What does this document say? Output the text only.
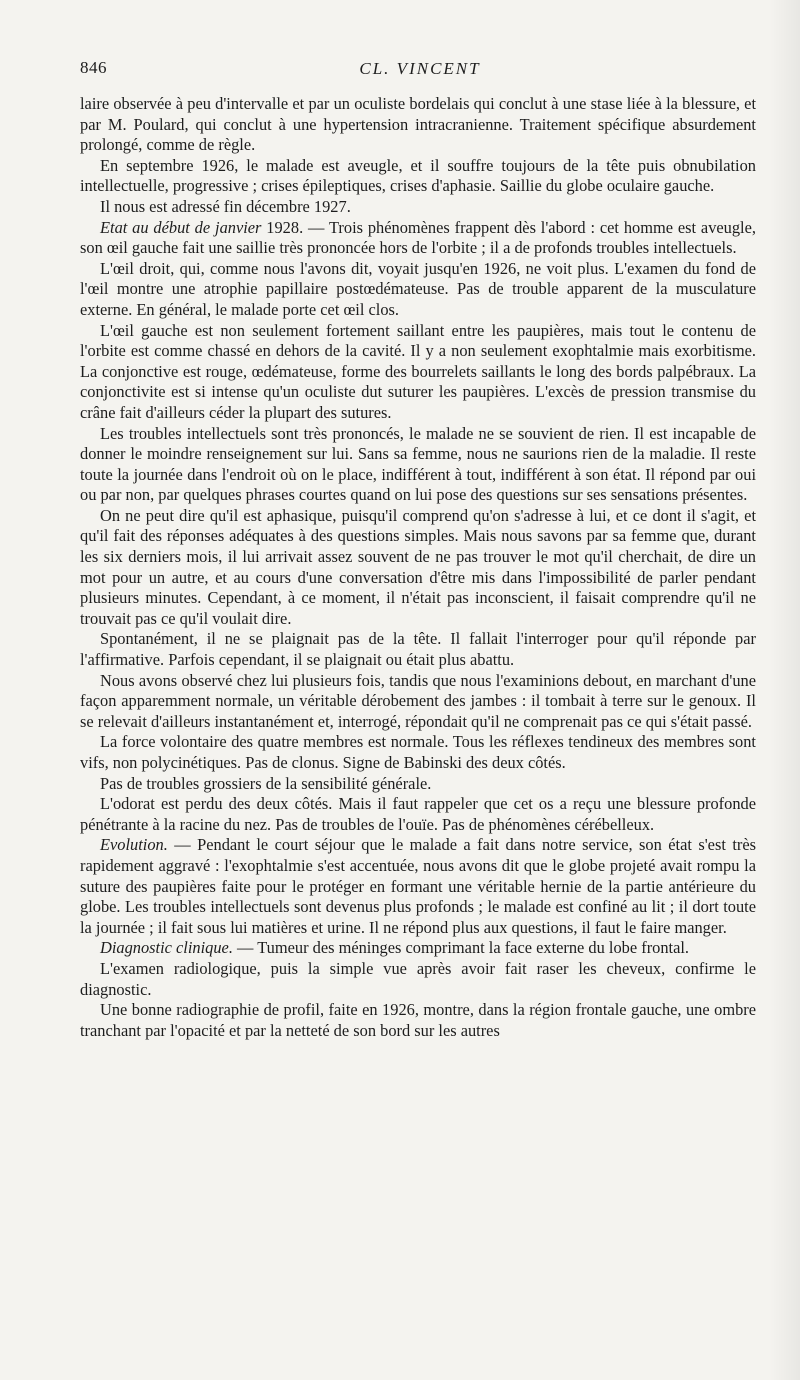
846	CL. VINCENT

laire observée à peu d'intervalle et par un oculiste bordelais qui conclut à une stase liée à la blessure, et par M. Poulard, qui conclut à une hypertension intracranienne. Traitement spécifique absurdement prolongé, comme de règle.

En septembre 1926, le malade est aveugle, et il souffre toujours de la tête puis obnubilation intellectuelle, progressive ; crises épileptiques, crises d'aphasie. Saillie du globe oculaire gauche.

Il nous est adressé fin décembre 1927.

Etat au début de janvier 1928. — Trois phénomènes frappent dès l'abord : cet homme est aveugle, son œil gauche fait une saillie très prononcée hors de l'orbite ; il a de profonds troubles intellectuels.

L'œil droit, qui, comme nous l'avons dit, voyait jusqu'en 1926, ne voit plus. L'examen du fond de l'œil montre une atrophie papillaire postœdémateuse. Pas de trouble apparent de la musculature externe. En général, le malade porte cet œil clos.

L'œil gauche est non seulement fortement saillant entre les paupières, mais tout le contenu de l'orbite est comme chassé en dehors de la cavité. Il y a non seulement exophtalmie mais exorbitisme. La conjonctive est rouge, œdémateuse, forme des bourrelets saillants le long des bords palpébraux. La conjonctivite est si intense qu'un oculiste dut suturer les paupières. L'excès de pression transmise du crâne fait d'ailleurs céder la plupart des sutures.

Les troubles intellectuels sont très prononcés, le malade ne se souvient de rien. Il est incapable de donner le moindre renseignement sur lui. Sans sa femme, nous ne saurions rien de la maladie. Il reste toute la journée dans l'endroit où on le place, indifférent à tout, indifférent à son état. Il répond par oui ou par non, par quelques phrases courtes quand on lui pose des questions sur ses sensations présentes.

On ne peut dire qu'il est aphasique, puisqu'il comprend qu'on s'adresse à lui, et ce dont il s'agit, et qu'il fait des réponses adéquates à des questions simples. Mais nous savons par sa femme que, durant les six derniers mois, il lui arrivait assez souvent de ne pas trouver le mot qu'il cherchait, de dire un mot pour un autre, et au cours d'une conversation d'être mis dans l'impossibilité de parler pendant plusieurs minutes. Cependant, à ce moment, il n'était pas inconscient, il faisait comprendre qu'il ne trouvait pas ce qu'il voulait dire.

Spontanément, il ne se plaignait pas de la tête. Il fallait l'interroger pour qu'il réponde par l'affirmative. Parfois cependant, il se plaignait ou était plus abattu.

Nous avons observé chez lui plusieurs fois, tandis que nous l'examinions debout, en marchant d'une façon apparemment normale, un véritable dérobement des jambes : il tombait à terre sur le genoux. Il se relevait d'ailleurs instantanément et, interrogé, répondait qu'il ne comprenait pas ce qui s'était passé.

La force volontaire des quatre membres est normale. Tous les réflexes tendineux des membres sont vifs, non polycinétiques. Pas de clonus. Signe de Babinski des deux côtés.

Pas de troubles grossiers de la sensibilité générale.

L'odorat est perdu des deux côtés. Mais il faut rappeler que cet os a reçu une blessure profonde pénétrante à la racine du nez. Pas de troubles de l'ouïe. Pas de phénomènes cérébelleux.

Evolution. — Pendant le court séjour que le malade a fait dans notre service, son état s'est très rapidement aggravé : l'exophtalmie s'est accentuée, nous avons dit que le globe projeté avait rompu la suture des paupières faite pour le protéger en formant une véritable hernie de la partie antérieure du globe. Les troubles intellectuels sont devenus plus profonds ; le malade est confiné au lit ; il dort toute la journée ; il fait sous lui matières et urine. Il ne répond plus aux questions, il faut le faire manger.

Diagnostic clinique. — Tumeur des méninges comprimant la face externe du lobe frontal.

L'examen radiologique, puis la simple vue après avoir fait raser les cheveux, confirme le diagnostic.

Une bonne radiographie de profil, faite en 1926, montre, dans la région frontale gauche, une ombre tranchant par l'opacité et par la netteté de son bord sur les autres
